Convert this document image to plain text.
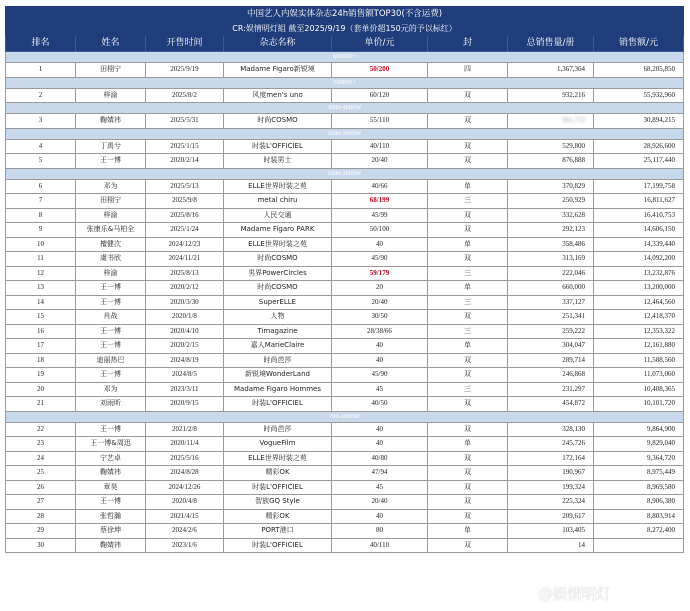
中国艺人内娱实体杂志24h销售额TOP30(不含运费)							
CR:娱情明灯組 截至2025/9/19（套单价超150元的予以标红）							
排名	姓名	开售时间	杂志名称	单价/元	封	总销售量/册	销售额/元
6000W+							
1	田栩宁	2025/9/19	Madame Figaro新锐境	50/200	四	1,367,364	68,205,850
5000W+							
2	梓渝	2025/8/2	风度men's uno	60/120	双	932,216	55,932,960
3000-4000W							
3	鞠婧祎	2025/5/31	时尚COSMO	55/110	双	561,713	30,894,215
2000-3000W							
4	丁禹兮	2025/1/15	时装L'OFFICIEL	40/110	双	529,800	28,926,600
5	王一博	2020/2/14	时装男士	20/40	双	876,888	25,117,440
1000-2000W							
6	邓为	2025/5/13	ELLE世界时装之苑	40/66	单	370,829	17,199,758
7	田栩宁	2025/9/8	metal chiru	68/199	三	250,929	16,811,627
8	梓渝	2025/8/16	人民交通	45/99	双	332,628	16,410,753
9	张康乐&马柏全	2025/1/24	Madame Figaro PARK	50/100	双	292,123	14,606,150
10	檀健次	2024/12/23	ELLE世界时装之苑	40	单	358,486	14,339,440
11	虞书欣	2024/11/21	时尚COSMO	45/90	双	313,169	14,092,200
12	梓渝	2025/8/13	男界PowerCircles	59/179	三	222,046	13,232,876
13	王一博	2020/2/12	时尚COSMO	20	单	660,000	13,200,000
14	王一博	2020/3/30	SuperELLE	20/40	三	337,127	12,464,560
15	肖战	2020/1/8	人物	30/50	双	251,341	12,418,370
16	王一博	2020/4/10	Timagazine	28/38/66	三	259,222	12,353,322
17	王一博	2020/2/15	嘉人MarieClaire	40	单	304,047	12,161,880
18	迪丽热巴	2024/8/19	时尚芭莎	40	双	289,714	11,588,560
19	王一博	2024/8/5	新锐境WonderLand	45/90	双	246,868	11,073,060
20	邓为	2023/3/11	Madame Figaro Hommes	45	三	231,297	10,408,365
21	刘雨昕	2020/9/15	时装L'OFFICIEL	40/50	双	454,872	10,101,720
700-1000W							
22	王一博	2021/2/8	时尚芭莎	40	双	328,130	9,864,900
23	王一博&周迅	2020/11/4	VogueFilm	40	单	245,726	9,829,040
24	宁艺卓	2025/5/16	ELLE世界时装之苑	40/80	双	172,164	9,364,720
25	鞠婧祎	2024/8/28	精彩OK	47/94	双	190,967	8,975,449
26	章昊	2024/12/26	时装L'OFFICIEL	45	双	199,324	8,969,580
27	王一博	2020/4/8	智族GQ Style	20/40	双	225,324	8,906,380
28	张哲瀚	2021/4/15	精彩OK	40	双	209,617	8,803,914
29	蔡徐坤	2024/2/6	PORT港口	80	单	103,405	8,272,400
30	鞠婧祎	2023/1/6	时装L'OFFICIEL	40/110	双	14	
@娱情明灯
